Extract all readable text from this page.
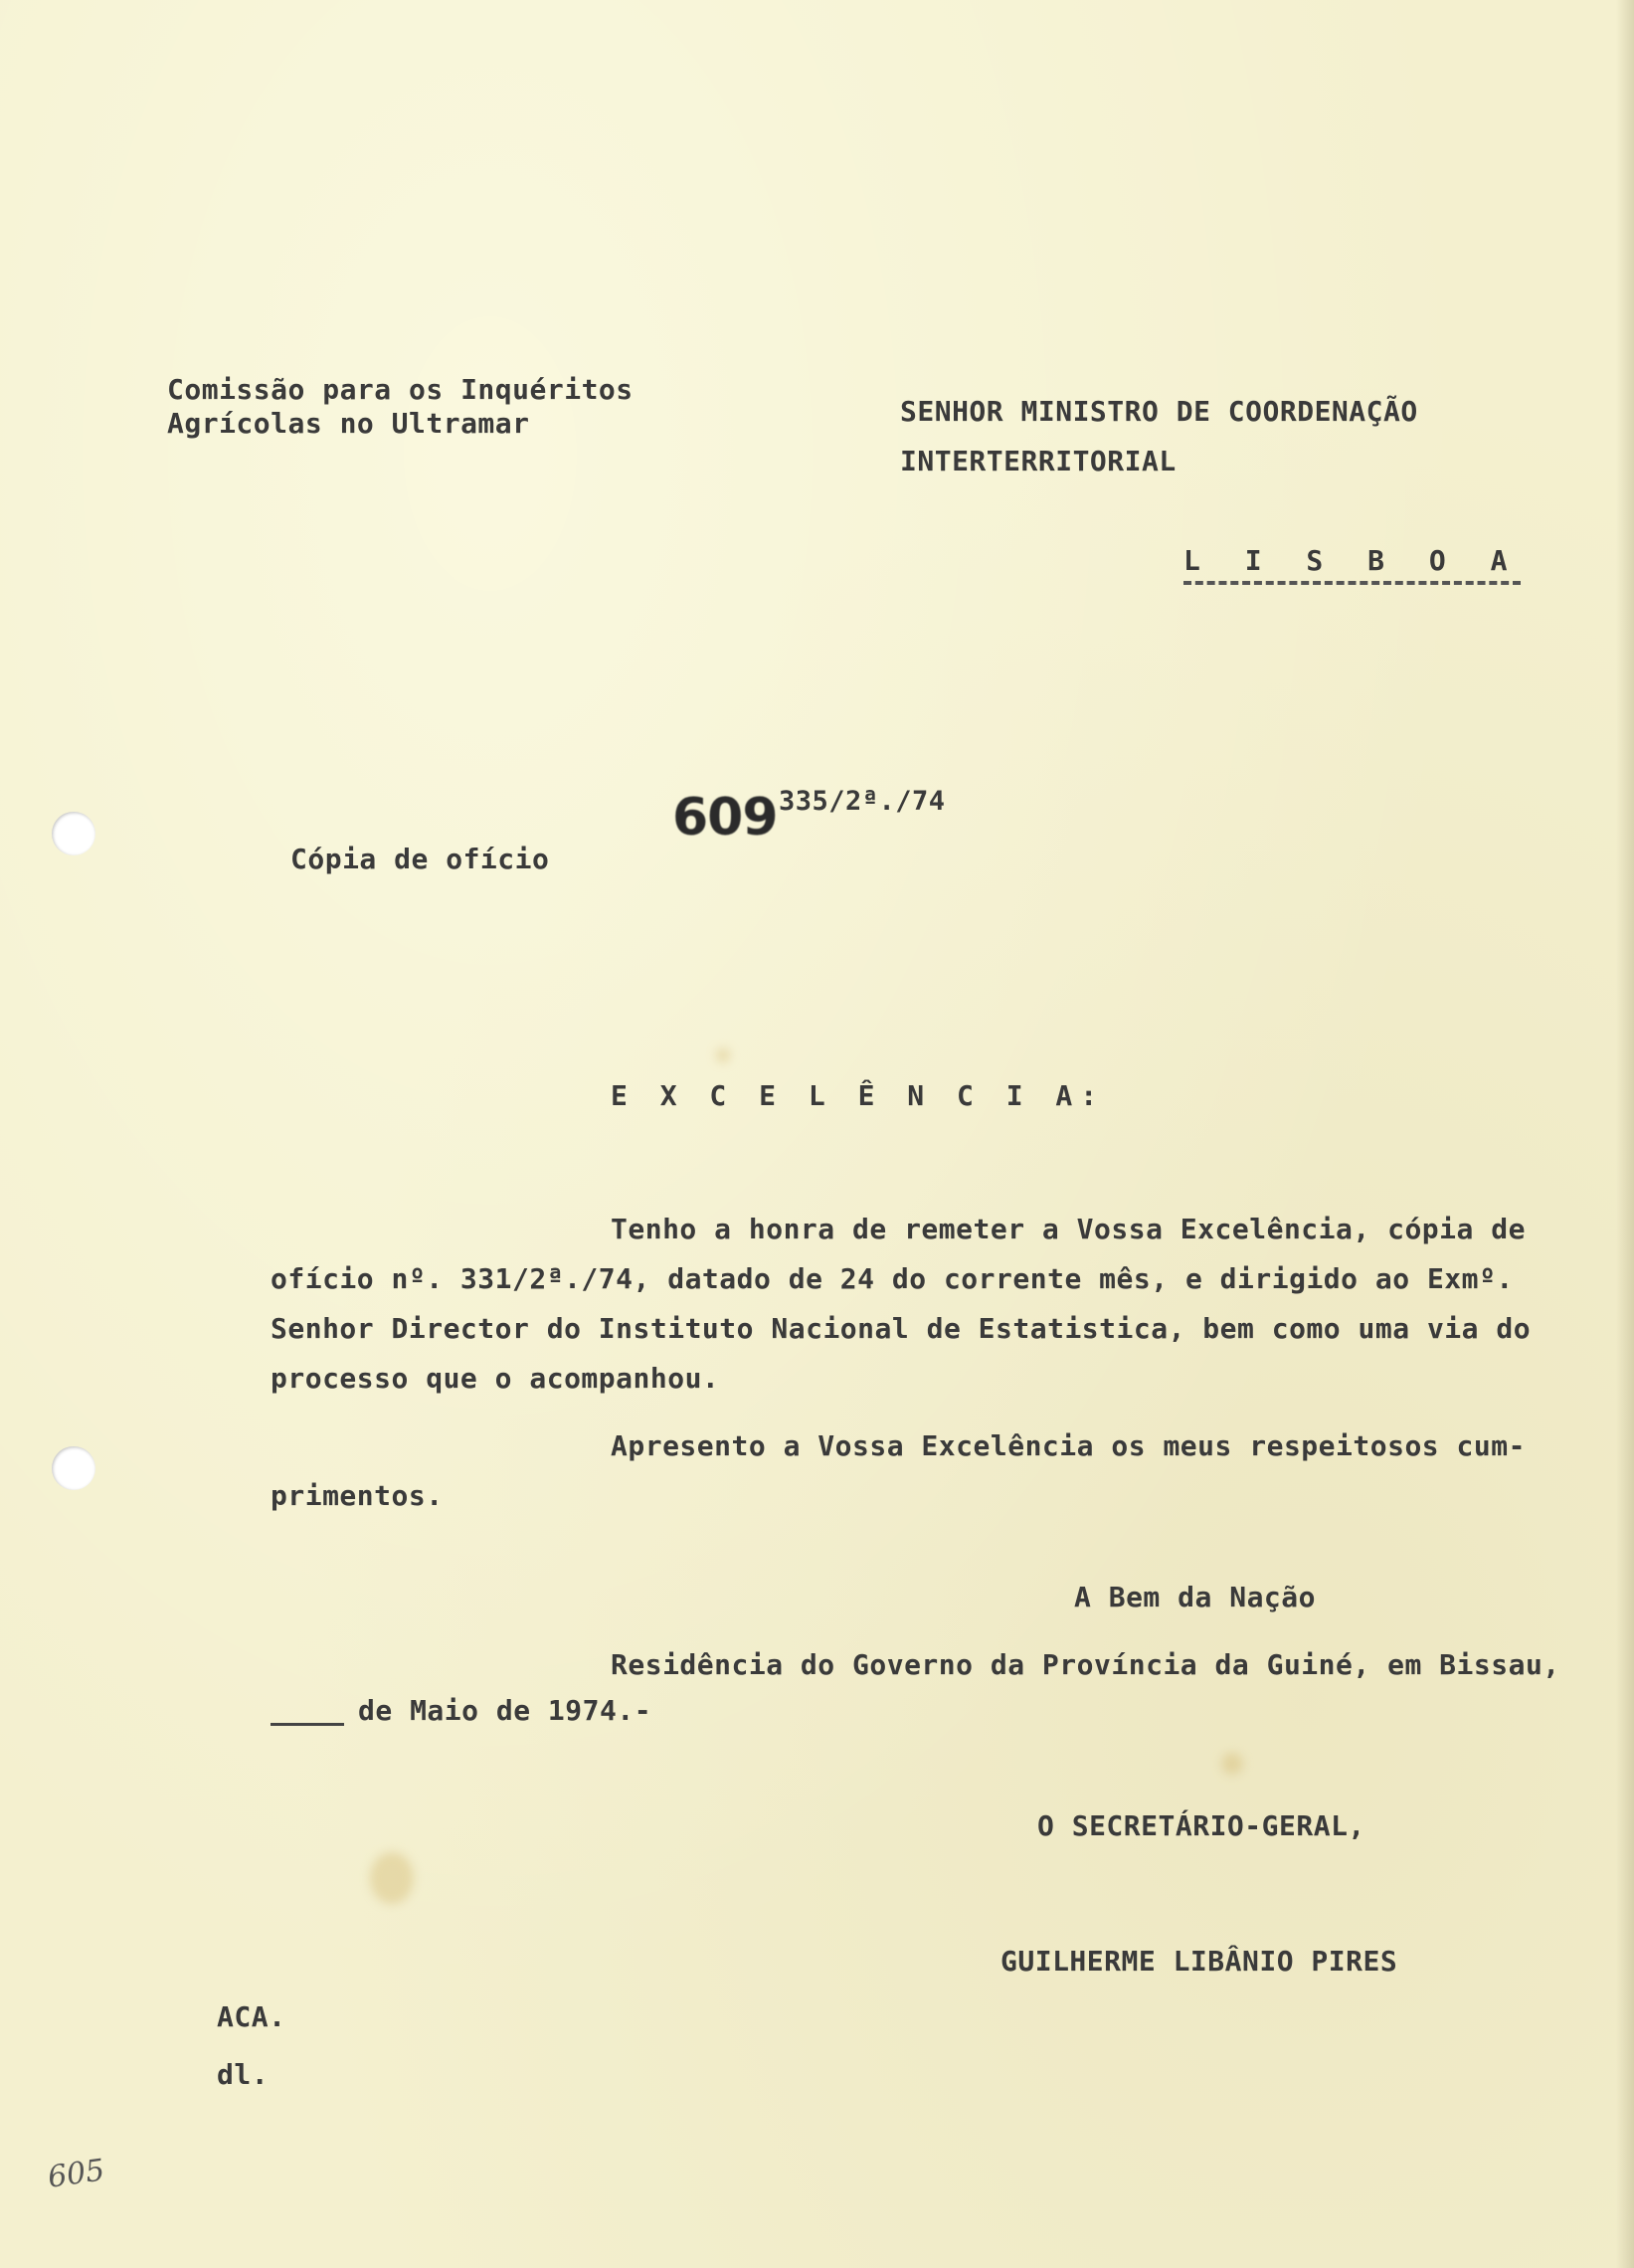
Comissão para os Inquéritos
Agrícolas no Ultramar	SENHOR MINISTRO DE COORDENAÇÃO
INTERTERRITORIAL
L I S B O A
609 335/2ª./74
Cópia de ofício
E X C E L Ê N C I A:
Tenho a honra de remeter a Vossa Excelência, cópia de
ofício nº. 331/2ª./74, datado de 24 do corrente mês, e dirigido ao Exmº.
Senhor Director do Instituto Nacional de Estatistica, bem como uma via do
processo que o acompanhou.
Apresento a Vossa Excelência os meus respeitosos cum-
primentos.
A Bem da Nação
Residência do Governo da Província da Guiné, em Bissau,
de Maio de 1974.-
O SECRETÁRIO-GERAL,
GUILHERME LIBÂNIO PIRES
ACA.
dl.
605
